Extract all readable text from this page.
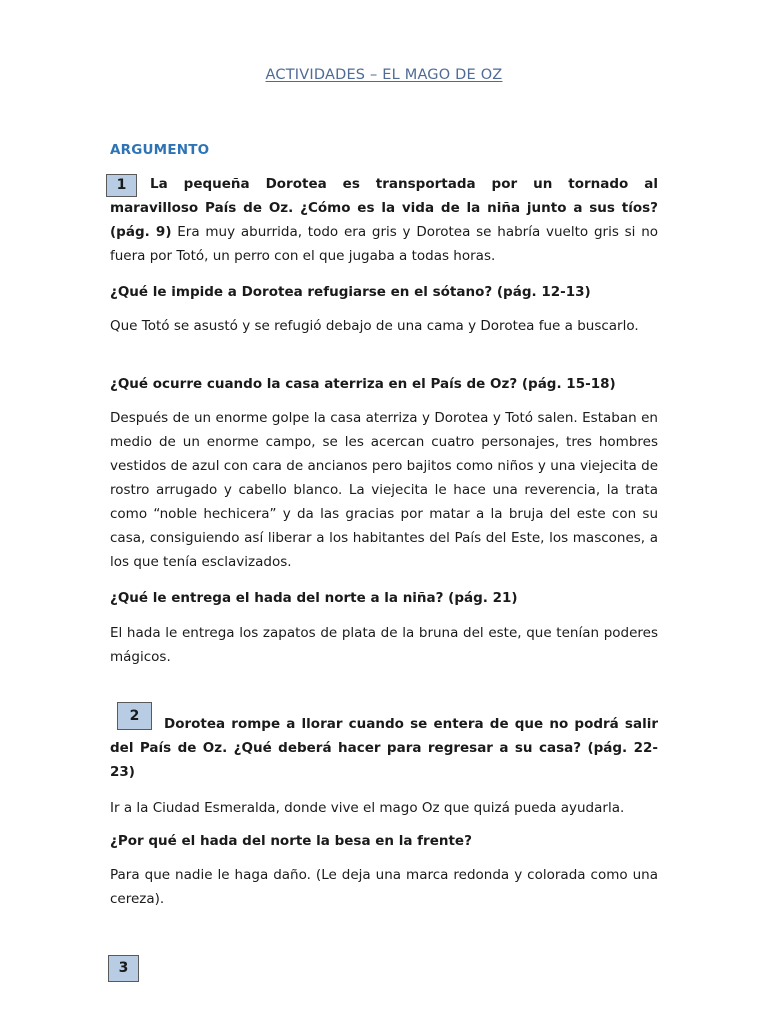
ACTIVIDADES – EL MAGO DE OZ
ARGUMENTO
1	La pequeña Dorotea es transportada por un tornado al maravilloso País de Oz. ¿Cómo es la vida de la niña junto a sus tíos? (pág. 9) Era muy aburrida, todo era gris y Dorotea se habría vuelto gris si no fuera por Totó, un perro con el que jugaba a todas horas.
¿Qué le impide a Dorotea refugiarse en el sótano? (pág. 12-13)
Que Totó se asustó y se refugió debajo de una cama y Dorotea fue a buscarlo.
¿Qué ocurre cuando la casa aterriza en el País de Oz? (pág. 15-18)
Después de un enorme golpe la casa aterriza y Dorotea y Totó salen. Estaban en medio de un enorme campo, se les acercan cuatro personajes, tres hombres vestidos de azul con cara de ancianos pero bajitos como niños y una viejecita de rostro arrugado y cabello blanco. La viejecita le hace una reverencia, la trata como “noble hechicera” y da las gracias por matar a la bruja del este con su casa, consiguiendo así liberar a los habitantes del País del Este, los mascones, a los que tenía esclavizados.
¿Qué le entrega el hada del norte a la niña? (pág. 21)
El hada le entrega los zapatos de plata de la bruna del este, que tenían poderes mágicos.
2	Dorotea rompe a llorar cuando se entera de que no podrá salir del País de Oz. ¿Qué deberá hacer para regresar a su casa? (pág. 22-23)
Ir a la Ciudad Esmeralda, donde vive el mago Oz que quizá pueda ayudarla.
¿Por qué el hada del norte la besa en la frente?
Para que nadie le haga daño. (Le deja una marca redonda y colorada como una cereza).
3
